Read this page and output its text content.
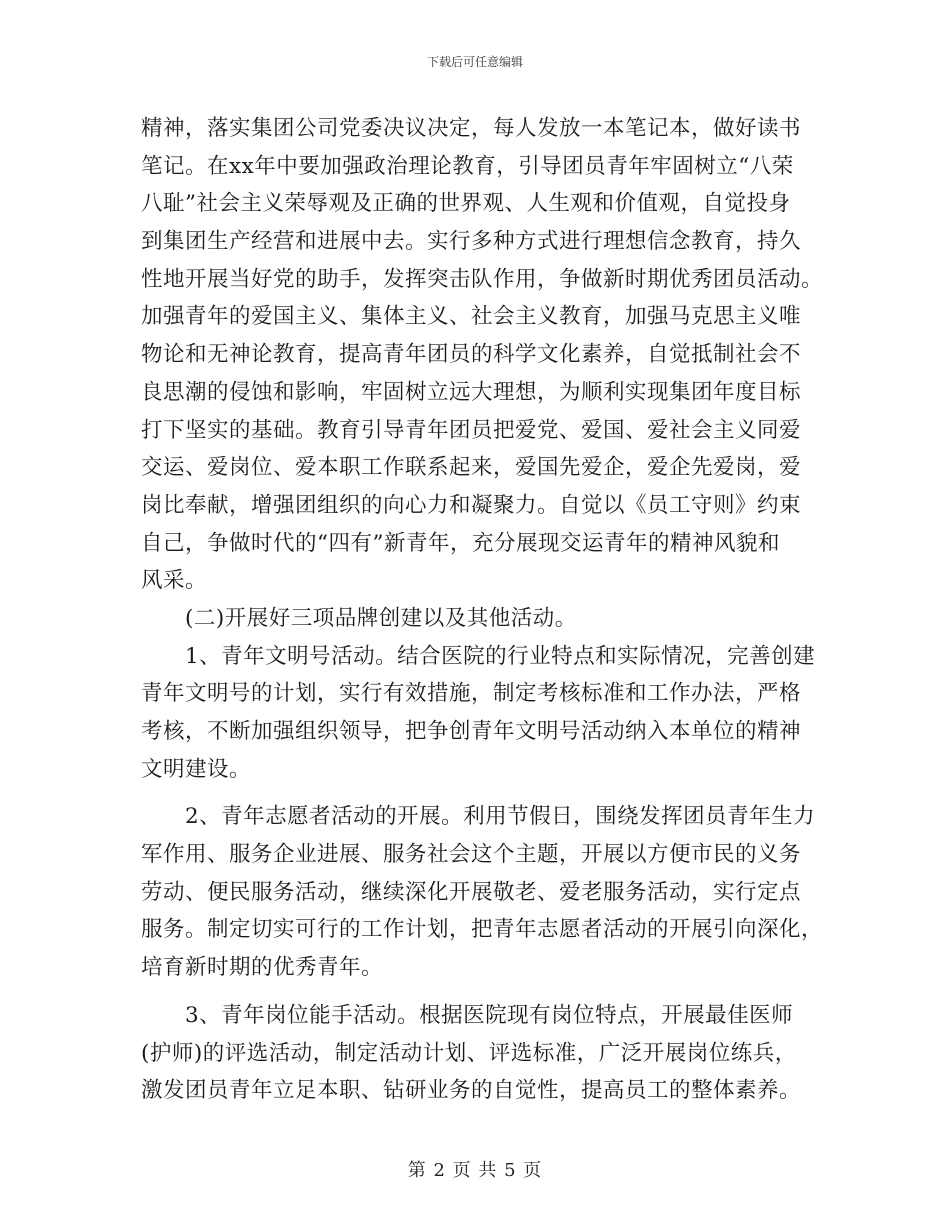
下载后可任意编辑
精神，落实集团公司党委决议决定，每人发放一本笔记本，做好读书
笔记。在xx年中要加强政治理论教育，引导团员青年牢固树立“八荣
八耻”社会主义荣辱观及正确的世界观、人生观和价值观，自觉投身
到集团生产经营和进展中去。实行多种方式进行理想信念教育，持久
性地开展当好党的助手，发挥突击队作用，争做新时期优秀团员活动。
加强青年的爱国主义、集体主义、社会主义教育，加强马克思主义唯
物论和无神论教育，提高青年团员的科学文化素养，自觉抵制社会不
良思潮的侵蚀和影响，牢固树立远大理想，为顺利实现集团年度目标
打下坚实的基础。教育引导青年团员把爱党、爱国、爱社会主义同爱
交运、爱岗位、爱本职工作联系起来，爱国先爱企，爱企先爱岗，爱
岗比奉献，增强团组织的向心力和凝聚力。自觉以《员工守则》约束
自己，争做时代的“四有”新青年，充分展现交运青年的精神风貌和
风采。
(二)开展好三项品牌创建以及其他活动。
1、青年文明号活动。结合医院的行业特点和实际情况，完善创建
青年文明号的计划，实行有效措施，制定考核标准和工作办法，严格
考核，不断加强组织领导，把争创青年文明号活动纳入本单位的精神
文明建设。
2、青年志愿者活动的开展。利用节假日，围绕发挥团员青年生力
军作用、服务企业进展、服务社会这个主题，开展以方便市民的义务
劳动、便民服务活动，继续深化开展敬老、爱老服务活动，实行定点
服务。制定切实可行的工作计划，把青年志愿者活动的开展引向深化，
培育新时期的优秀青年。
3、青年岗位能手活动。根据医院现有岗位特点，开展最佳医师
(护师)的评选活动，制定活动计划、评选标准，广泛开展岗位练兵，
激发团员青年立足本职、钻研业务的自觉性，提高员工的整体素养。
第 2 页 共 5 页
